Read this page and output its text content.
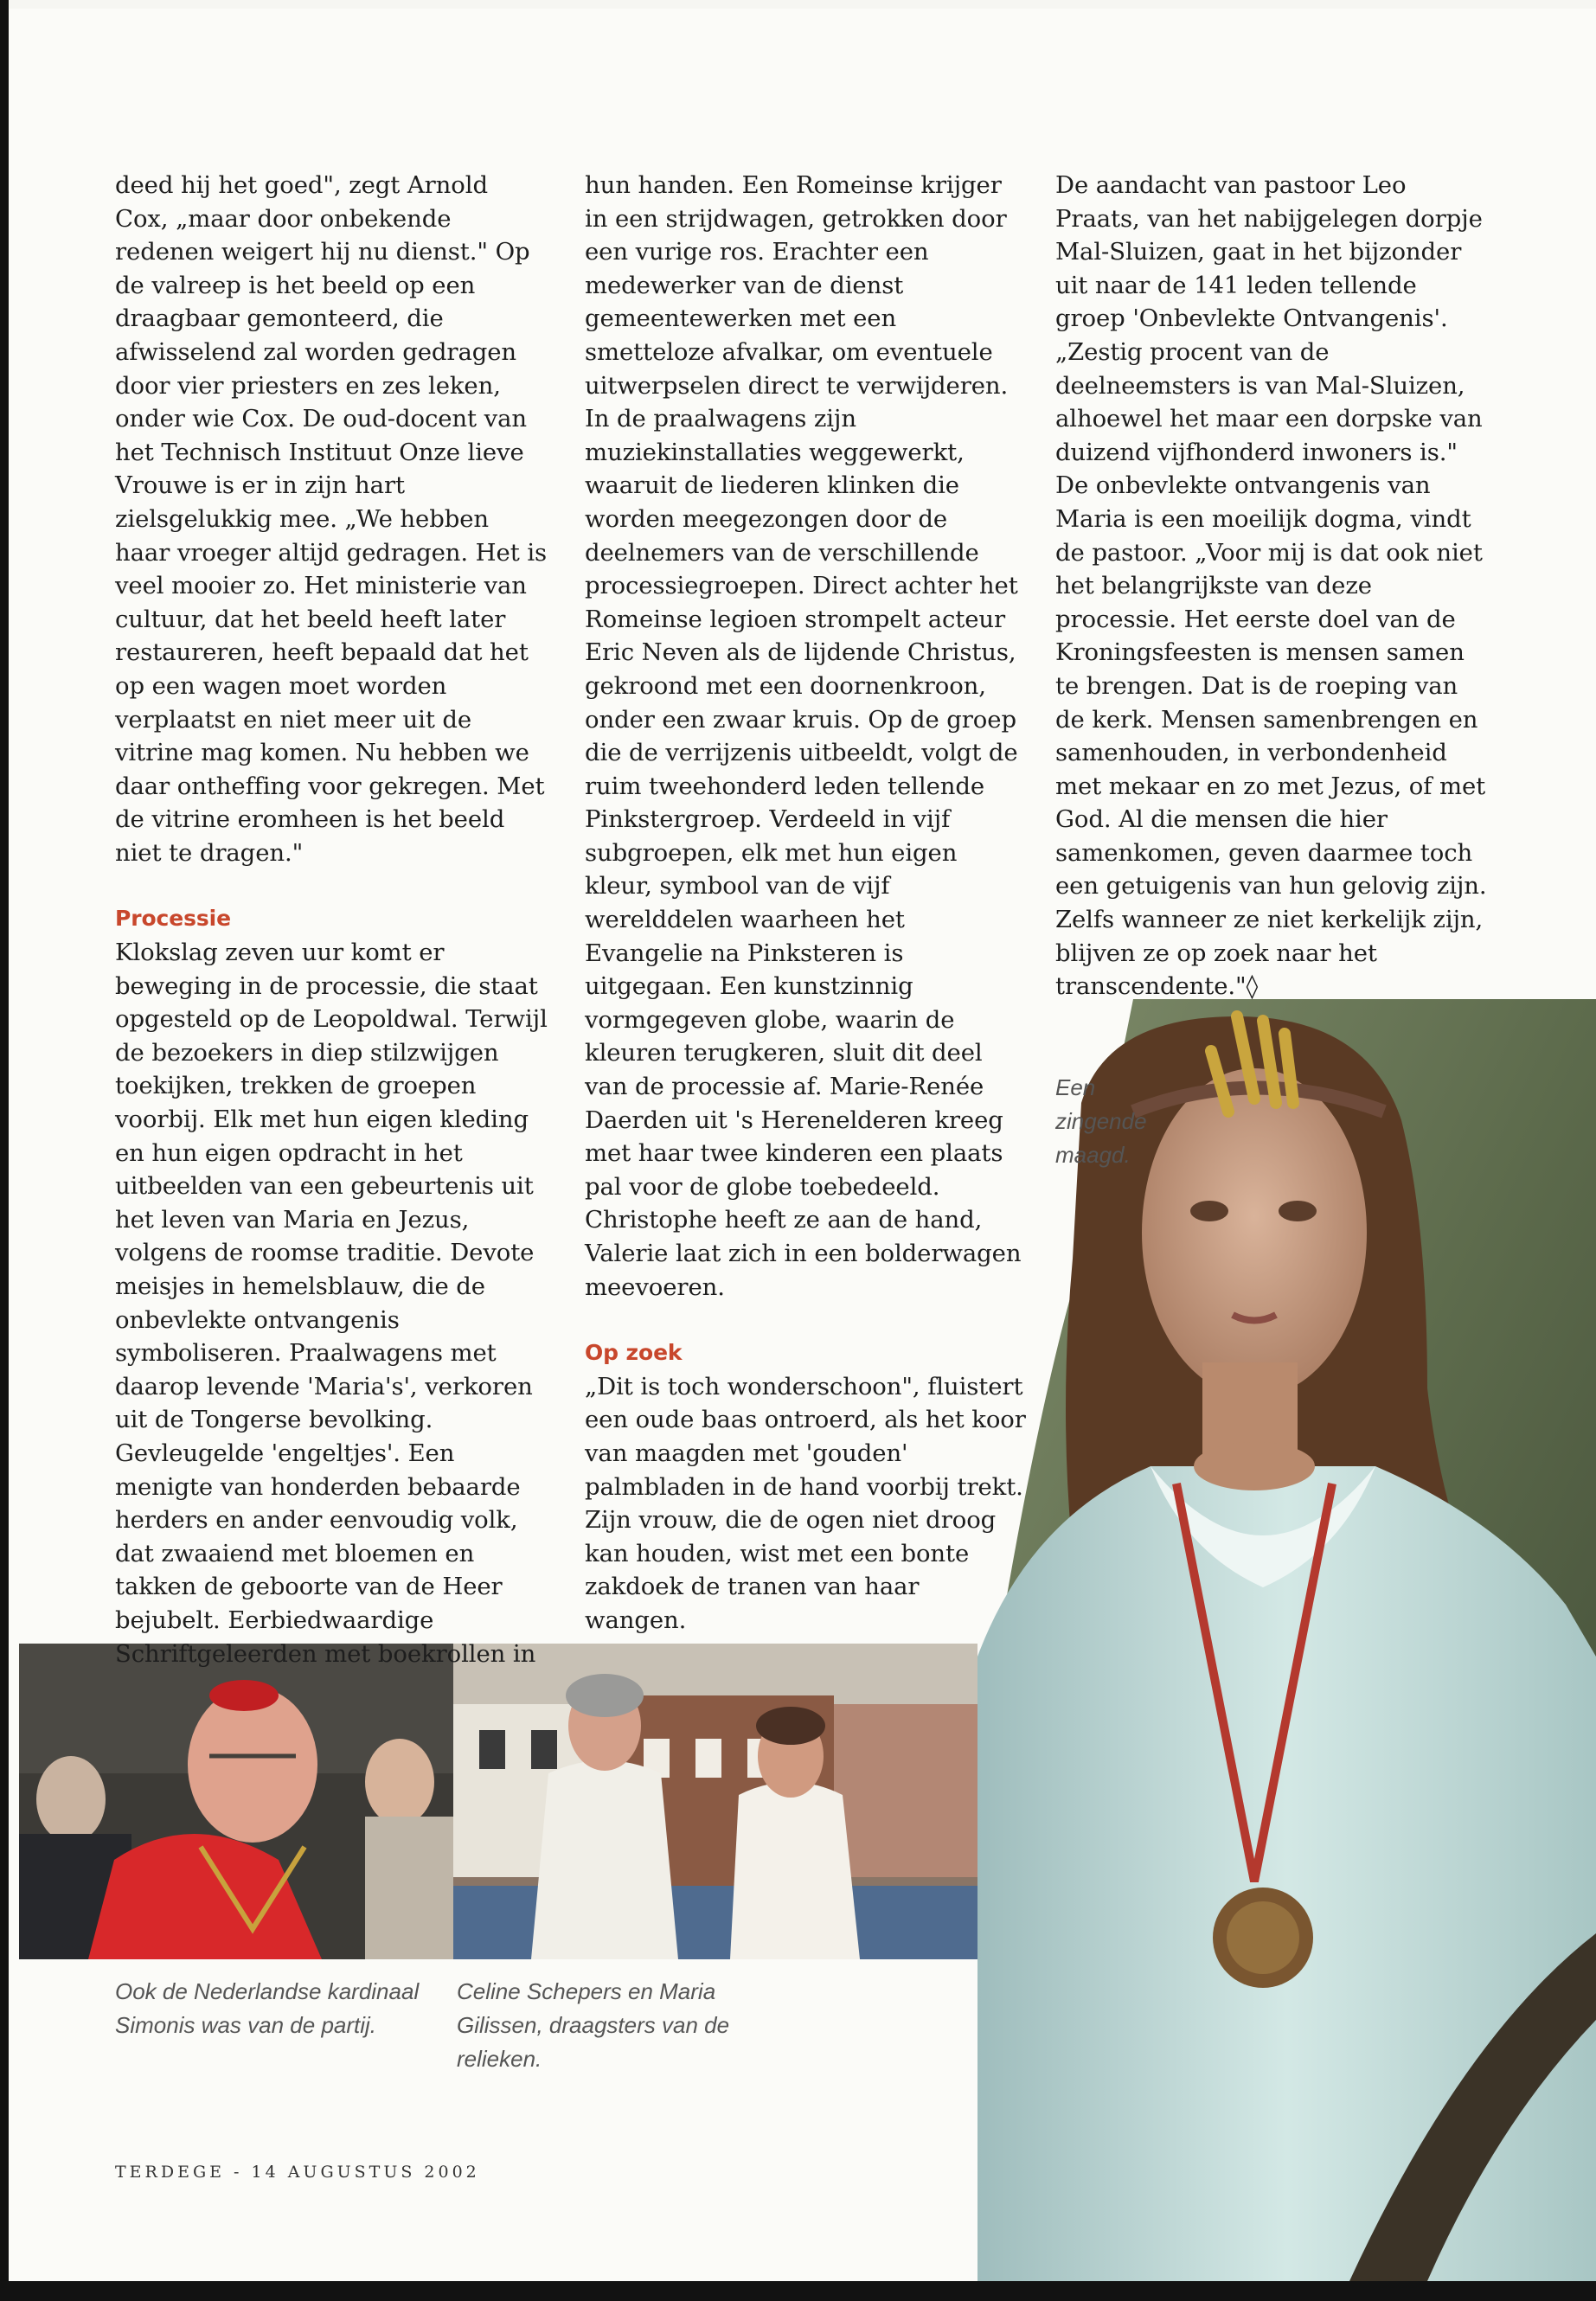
deed hij het goed", zegt Arnold Cox, „maar door onbekende redenen weigert hij nu dienst." Op de valreep is het beeld op een draagbaar gemonteerd, die afwisselend zal worden gedragen door vier priesters en zes leken, onder wie Cox. De oud-docent van het Technisch Instituut Onze lieve Vrouwe is er in zijn hart zielsgelukkig mee. „We hebben haar vroeger altijd gedragen. Het is veel mooier zo. Het ministerie van cultuur, dat het beeld heeft later restaureren, heeft bepaald dat het op een wagen moet worden verplaatst en niet meer uit de vitrine mag komen. Nu hebben we daar ontheffing voor gekregen. Met de vitrine eromheen is het beeld niet te dragen."

Processie

Klokslag zeven uur komt er beweging in de processie, die staat opgesteld op de Leopoldwal. Terwijl de bezoekers in diep stilzwijgen toekijken, trekken de groepen voorbij. Elk met hun eigen kleding en hun eigen opdracht in het uitbeelden van een gebeurtenis uit het leven van Maria en Jezus, volgens de roomse traditie. Devote meisjes in hemelsblauw, die de onbevlekte ontvangenis symboliseren. Praalwagens met daarop levende 'Maria's', verkoren uit de Tongerse bevolking. Gevleugelde 'engeltjes'. Een menigte van honderden bebaarde herders en ander eenvoudig volk, dat zwaaiend met bloemen en takken de geboorte van de Heer bejubelt. Eerbiedwaardige Schriftgeleerden met boekrollen in

hun handen. Een Romeinse krijger in een strijdwagen, getrokken door een vurige ros. Erachter een medewerker van de dienst gemeentewerken met een smetteloze afvalkar, om eventuele uitwerpselen direct te verwijderen.

In de praalwagens zijn muziekinstallaties weggewerkt, waaruit de liederen klinken die worden meegezongen door de deelnemers van de verschillende processiegroepen. Direct achter het Romeinse legioen strompelt acteur Eric Neven als de lijdende Christus, gekroond met een doornenkroon, onder een zwaar kruis. Op de groep die de verrijzenis uitbeeldt, volgt de ruim tweehonderd leden tellende Pinkstergroep. Verdeeld in vijf subgroepen, elk met hun eigen kleur, symbool van de vijf werelddelen waarheen het Evangelie na Pinksteren is uitgegaan. Een kunstzinnig vormgegeven globe, waarin de kleuren terugkeren, sluit dit deel van de processie af. Marie-Renée Daerden uit 's Herenelderen kreeg met haar twee kinderen een plaats pal voor de globe toebedeeld. Christophe heeft ze aan de hand, Valerie laat zich in een bolderwagen meevoeren.

Op zoek

„Dit is toch wonderschoon", fluistert een oude baas ontroerd, als het koor van maagden met 'gouden' palmbladen in de hand voorbij trekt. Zijn vrouw, die de ogen niet droog kan houden, wist met een bonte zakdoek de tranen van haar wangen.

De aandacht van pastoor Leo Praats, van het nabijgelegen dorpje Mal-Sluizen, gaat in het bijzonder uit naar de 141 leden tellende groep 'Onbevlekte Ontvangenis'. „Zestig procent van de deelneemsters is van Mal-Sluizen, alhoewel het maar een dorpske van duizend vijfhonderd inwoners is."

De onbevlekte ontvangenis van Maria is een moeilijk dogma, vindt de pastoor. „Voor mij is dat ook niet het belangrijkste van deze processie. Het eerste doel van de Kroningsfeesten is mensen samen te brengen. Dat is de roeping van de kerk. Mensen samenbrengen en samenhouden, in verbondenheid met mekaar en zo met Jezus, of met God. Al die mensen die hier samenkomen, geven daarmee toch een getuigenis van hun gelovig zijn. Zelfs wanneer ze niet kerkelijk zijn, blijven ze op zoek naar het transcendente."◊

Een zingende maagd.
Ook de Nederlandse kardinaal Simonis was van de partij.
Celine Schepers en Maria Gilissen, draagsters van de relieken.
TERDEGE - 14 AUGUSTUS 2002
